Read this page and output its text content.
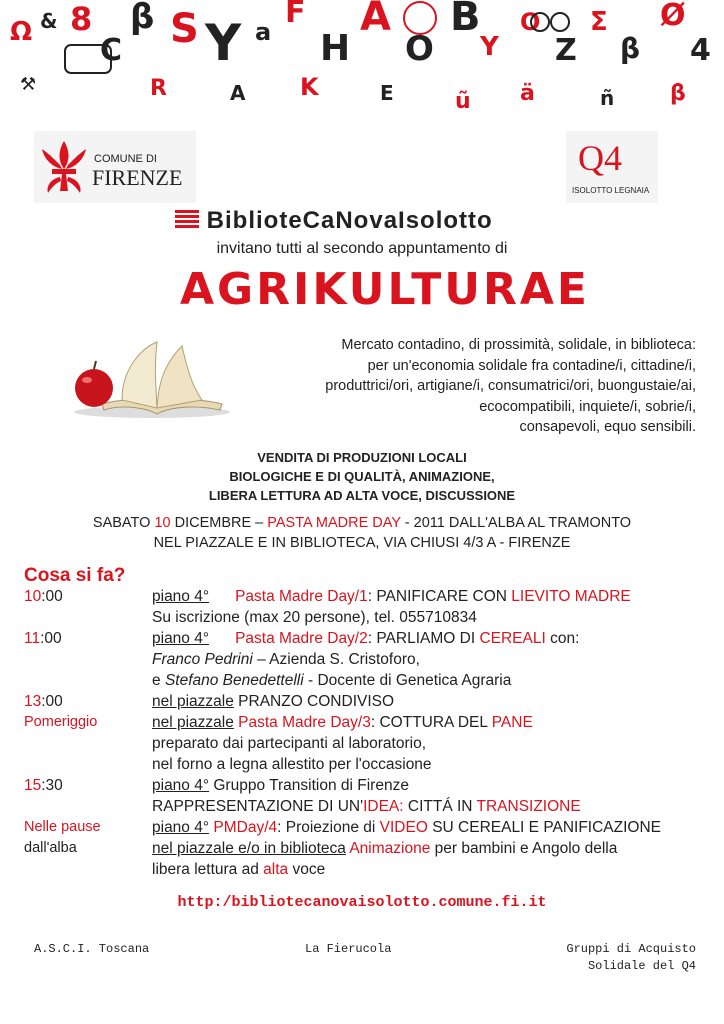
Ω & 8
C
β S Y a
F
H
A
O
B
Y
O
Z
Σ
β
Ø
4
⚒	R	A K	E	ũ ä	ñ	β
COMUNE DI
FIRENZE	Q4
ISOLOTTO LEGNAIA
BiblioteCaNovaIsolotto
invitano tutti al secondo appuntamento di
AGRIKULTURAE
Mercato contadino, di prossimità, solidale, in biblioteca:
per un'economia solidale fra contadine/i, cittadine/i,
produttrici/ori, artigiane/i, consumatrici/ori, buongustaie/ai,
ecocompatibili, inquiete/i, sobrie/i,
consapevoli, equo sensibili.
VENDITA DI PRODUZIONI LOCALI
BIOLOGICHE E DI QUALITÀ, ANIMAZIONE,
LIBERA LETTURA AD ALTA VOCE, DISCUSSIONE
SABATO 10 DICEMBRE – PASTA MADRE DAY - 2011 DALL'ALBA AL TRAMONTO
NEL PIAZZALE E IN BIBLIOTECA, VIA CHIUSI 4/3 A - FIRENZE
Cosa si fa?
10:00	piano 4° Pasta Madre Day/1: PANIFICARE CON LIEVITO MADRE
Su iscrizione (max 20 persone), tel. 055710834
11:00	piano 4° Pasta Madre Day/2: PARLIAMO DI CEREALI con:
Franco Pedrini – Azienda S. Cristoforo,
e Stefano Benedettelli - Docente di Genetica Agraria
13:00	nel piazzale PRANZO CONDIVISO
Pomeriggio	nel piazzale Pasta Madre Day/3: COTTURA DEL PANE
preparato dai partecipanti al laboratorio,
nel forno a legna allestito per l'occasione
15:30	piano 4° Gruppo Transition di Firenze
RAPPRESENTAZIONE DI UN'IDEA: CITTÁ IN TRANSIZIONE
Nelle pause	piano 4° PMDay/4: Proiezione di VIDEO SU CEREALI E PANIFICAZIONE
dall'alba	nel piazzale e/o in biblioteca Animazione per bambini e Angolo della
libera lettura ad alta voce
http:/bibliotecanovaisolotto.comune.fi.it
A.S.C.I. Toscana	La Fierucola	Gruppi di Acquisto
Solidale del Q4
